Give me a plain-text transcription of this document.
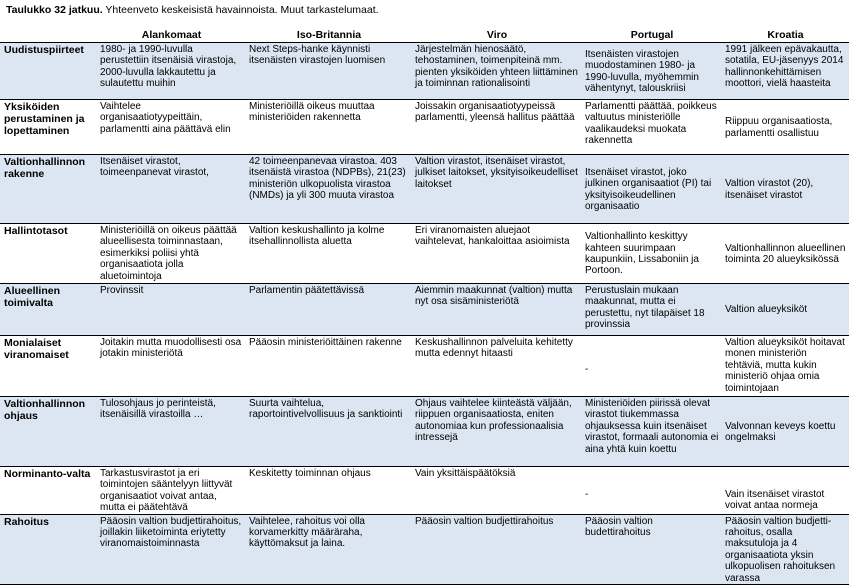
Taulukko 32 jatkuu. Yhteenveto keskeisistä havainnoista. Muut tarkastelumaat.
	Alankomaat	Iso-Britannia	Viro	Portugal	Kroatia
Uudistuspiirteet	1980- ja 1990-luvulla perustettiin itsenäisiä virastoja, 2000-luvulla lakkautettu ja sulautettu muihin	Next Steps-hanke käynnisti itsenäisten virastojen luomisen	Järjestelmän hienosäätö, tehostaminen, toimenpiteinä mm. pienten yksiköiden yhteen liittäminen ja toiminnan rationalisointi	Itsenäisten virastojen muodostaminen 1980- ja 1990-luvulla, myöhemmin vähentynyt, talouskriisi	1991 jälkeen epävakautta, sotatila, EU-jäsenyys 2014 hallinnonkehittämisen moottori, vielä haasteita
Yksiköiden perustaminen ja lopettaminen	Vaihtelee organisaatiotyypeittäin, parlamentti aina päättävä elin	Ministeriöillä oikeus muuttaa ministeriöiden rakennetta	Joissakin organisaatiotyypeissä parlamentti, yleensä hallitus päättää	Parlamentti päättää, poikkeus valtuutus ministeriölle vaalikaudeksi muokata rakennetta	Riippuu organisaatiosta, parlamentti osallistuu
Valtionhallinnon rakenne	Itsenäiset virastot, toimeenpanevat virastot,	42 toimeenpanevaa virastoa. 403 itsenäistä virastoa (NDPBs), 21(23) ministeriön ulkopuolista virastoa (NMDs) ja yli 300 muuta virastoa	Valtion virastot, itsenäiset virastot, julkiset laitokset, yksityisoikeudelliset laitokset	Itsenäiset virastot, joko julkinen organisaatiot (PI) tai yksityisoikeudellinen organisaatio	Valtion virastot (20), itsenäiset virastot
Hallintotasot	Ministeriöillä on oikeus päättää alueellisesta toiminnastaan, esimerkiksi poliisi yhtä organisaatiota jolla aluetoimintoja	Valtion keskushallinto ja kolme itsehallinnollista aluetta	Eri viranomaisten aluejaot vaihtelevat, hankaloittaa asioimista	Valtionhallinto keskittyy kahteen suurimpaan kaupunkiin, Lissaboniin ja Portoon.	Valtionhallinnon alueellinen toiminta 20 alueyksikössä
Alueellinen toimivalta	Provinssit	Parlamentin päätettävissä	Aiemmin maakunnat (valtion) mutta nyt osa sisäministeriötä	Perustuslain mukaan maakunnat, mutta ei perustettu, nyt tilapäiset 18 provinssia	Valtion alueyksiköt
Monialaiset viranomaiset	Joitakin mutta muodollisesti osa jotakin ministeriötä	Pääosin ministeriöittäinen rakenne	Keskushallinnon palveluita kehitetty mutta edennyt hitaasti	-	Valtion alueyksiköt hoitavat monen ministeriön tehtäviä, mutta kukin ministeriö ohjaa omia toimintojaan
Valtionhallinnon ohjaus	Tulosohjaus jo perinteistä, itsenäisillä virastoilla …	Suurta vaihtelua, raportointivelvollisuus ja sanktiointi	Ohjaus vaihtelee kiinteästä väljään, riippuen organisaatiosta, eniten autonomiaa kun professionaalisia intressejä	Ministeriöiden piirissä olevat virastot tiukemmassa ohjauksessa kuin itsenäiset virastot, formaali autonomia ei aina yhtä kuin koettu	Valvonnan keveys koettu ongelmaksi
Norminanto-valta	Tarkastusvirastot ja eri toimintojen sääntelyyn liittyvät organisaatiot voivat antaa, mutta ei päätehtävä	Keskitetty toiminnan ohjaus	Vain yksittäispäätöksiä	-	Vain itsenäiset virastot voivat antaa normeja
Rahoitus	Pääosin valtion budjettirahoitus, joillakin liiketoiminta eriytetty viranomaistoiminnasta	Vaihtelee, rahoitus voi olla korvamerkitty määräraha, käyttömaksut ja laina.	Pääosin valtion budjettirahoitus	Pääosin valtion budettirahoitus	Pääosin valtion budjetti-rahoitus, osalla maksutuloja ja 4 organisaatiota yksin ulkopuolisen rahoituksen varassa
